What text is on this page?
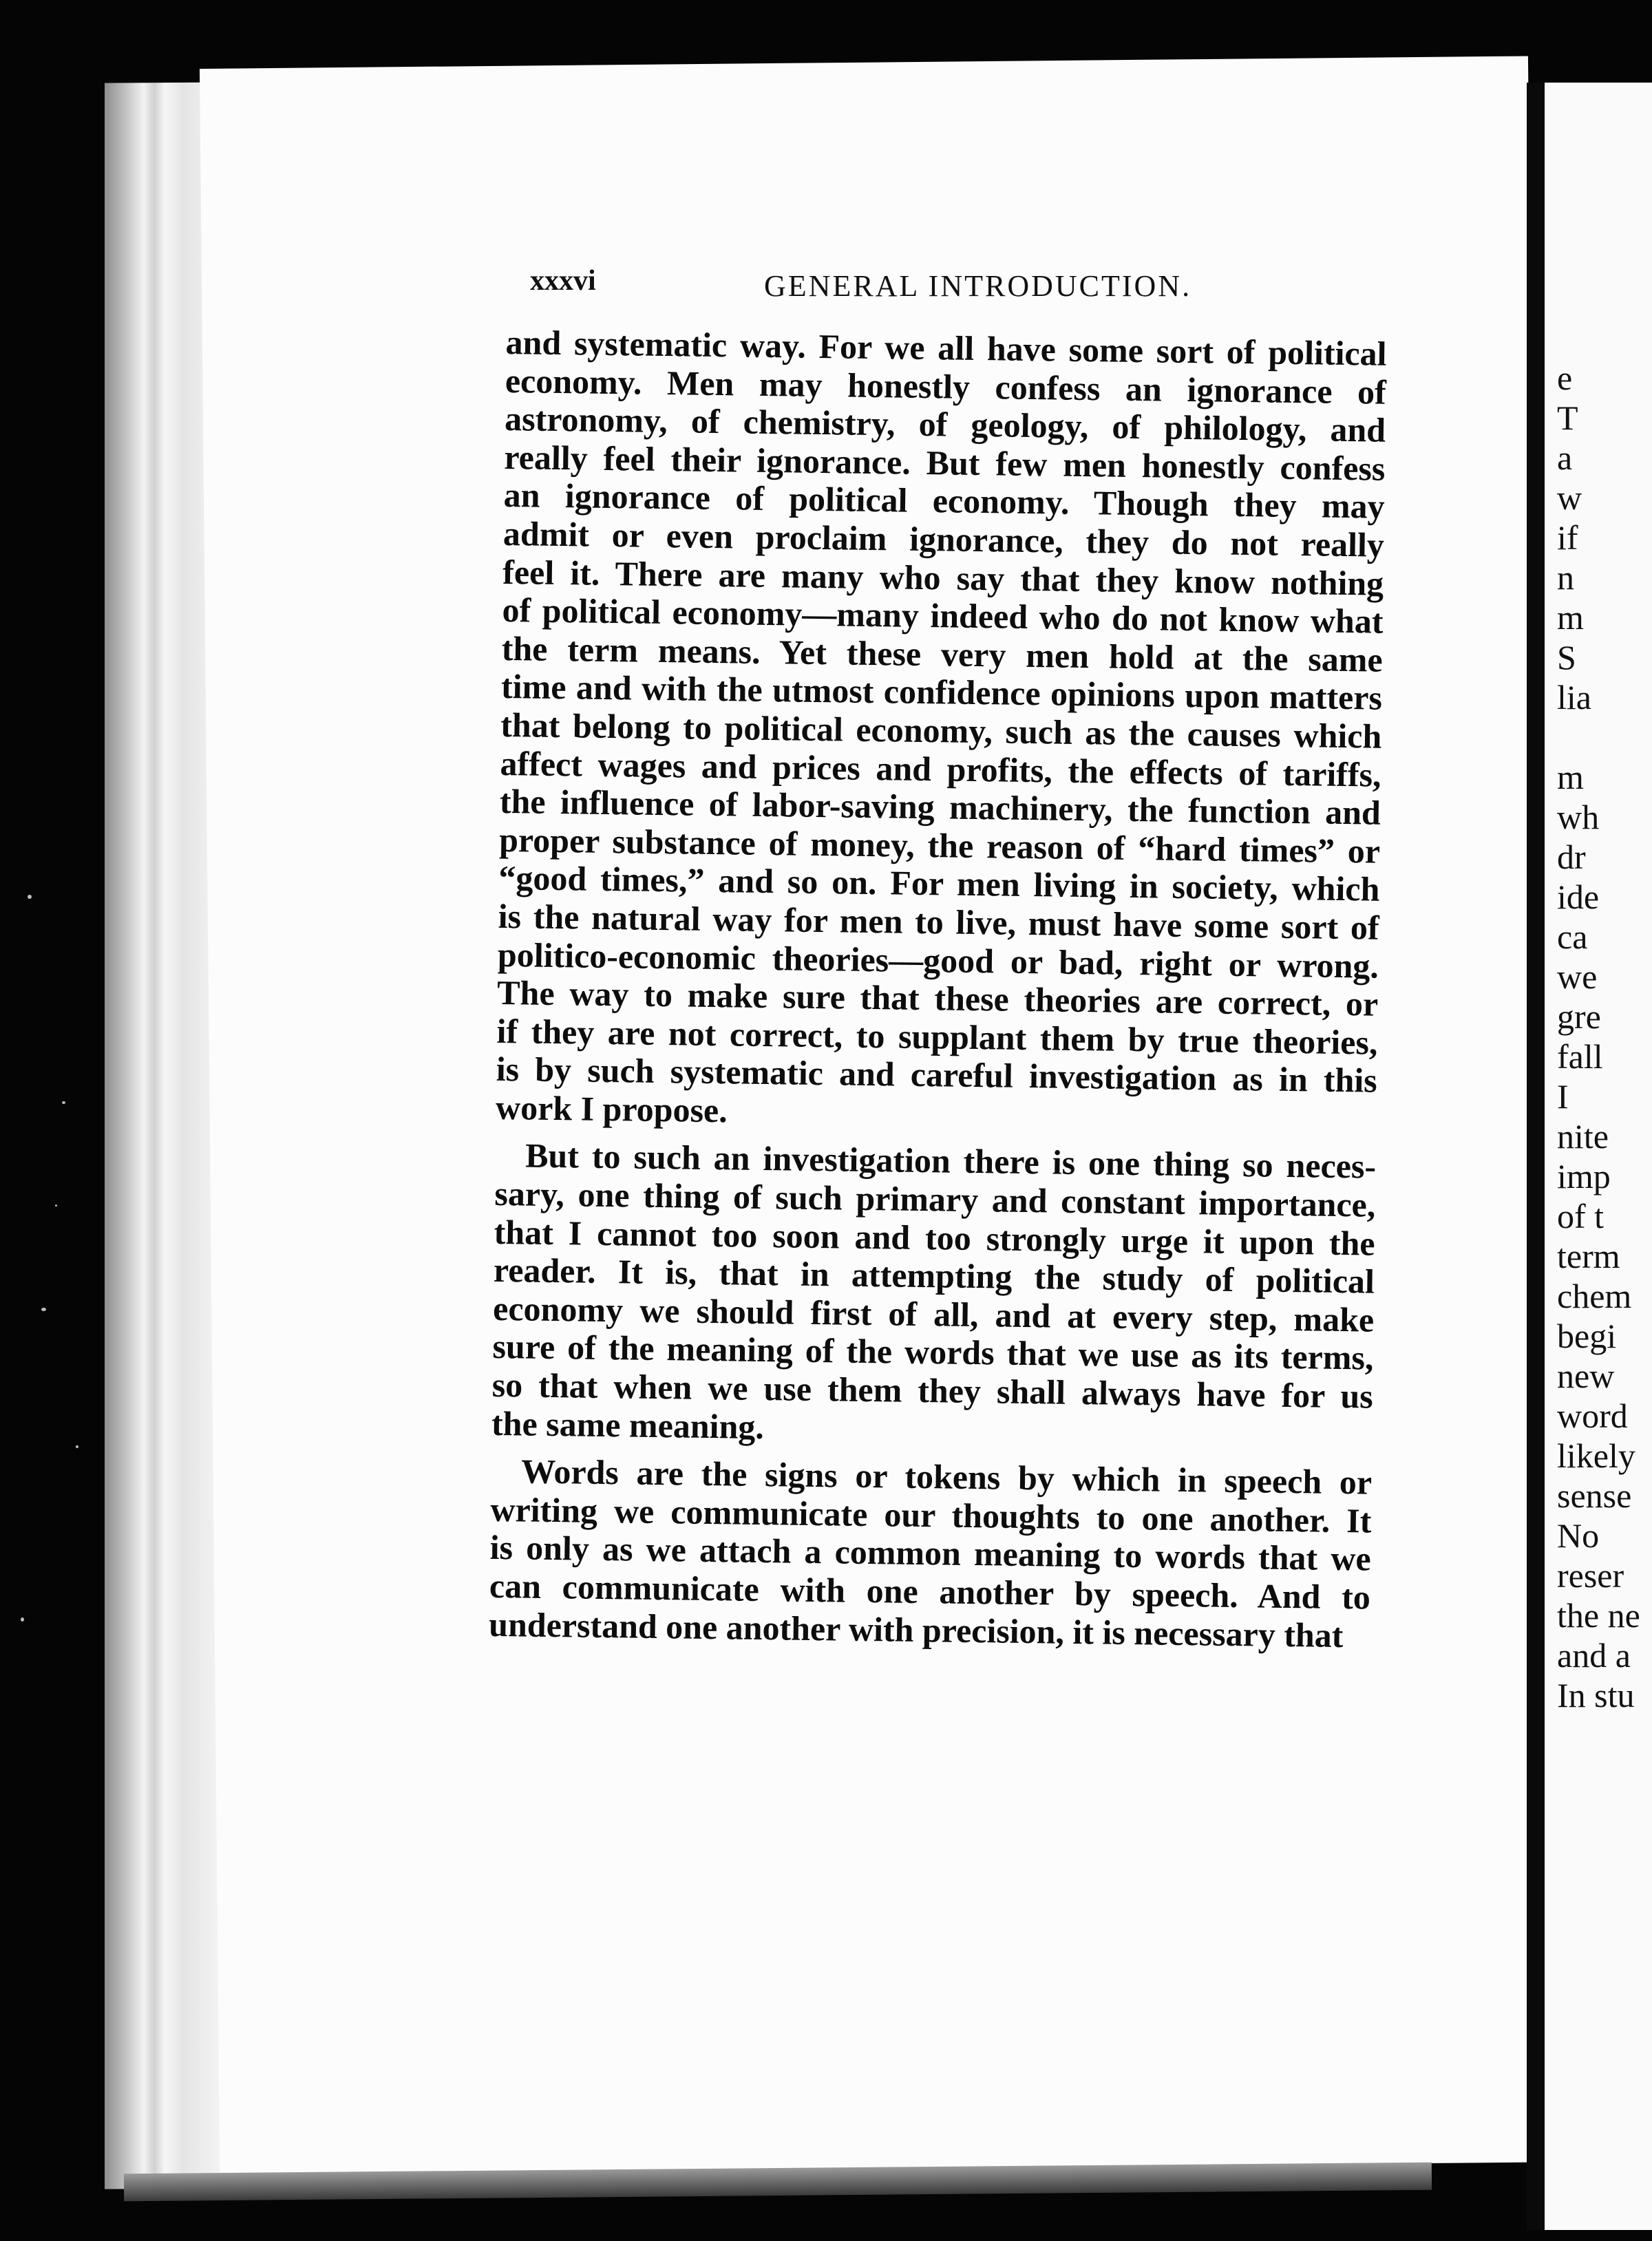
e
T
a
w
if
n
m
S
lia

m
wh
dr
ide
ca
we
gre
fall
I
nite
imp
of t
term
chem
begi
new
word
likely
sense
No
reser
the ne
and a
In stu
xxxvi	GENERAL INTRODUCTION.
and systematic way. For we all have some sort of political
economy. Men may honestly confess an ignorance of
astronomy, of chemistry, of geology, of philology, and
really feel their ignorance. But few men honestly confess
an ignorance of political economy. Though they may
admit or even proclaim ignorance, they do not really
feel it. There are many who say that they know nothing
of political economy—many indeed who do not know what
the term means. Yet these very men hold at the same
time and with the utmost confidence opinions upon matters
that belong to political economy, such as the causes which
affect wages and prices and profits, the effects of tariffs,
the influence of labor-saving machinery, the function and
proper substance of money, the reason of “hard times” or
“good times,” and so on. For men living in society, which
is the natural way for men to live, must have some sort of
politico-economic theories—good or bad, right or wrong.
The way to make sure that these theories are correct, or
if they are not correct, to supplant them by true theories,
is by such systematic and careful investigation as in this
work I propose.
But to such an investigation there is one thing so neces-
sary, one thing of such primary and constant importance,
that I cannot too soon and too strongly urge it upon the
reader. It is, that in attempting the study of political
economy we should first of all, and at every step, make
sure of the meaning of the words that we use as its terms,
so that when we use them they shall always have for us
the same meaning.
Words are the signs or tokens by which in speech or
writing we communicate our thoughts to one another. It
is only as we attach a common meaning to words that we
can communicate with one another by speech. And to
understand one another with precision, it is necessary that
